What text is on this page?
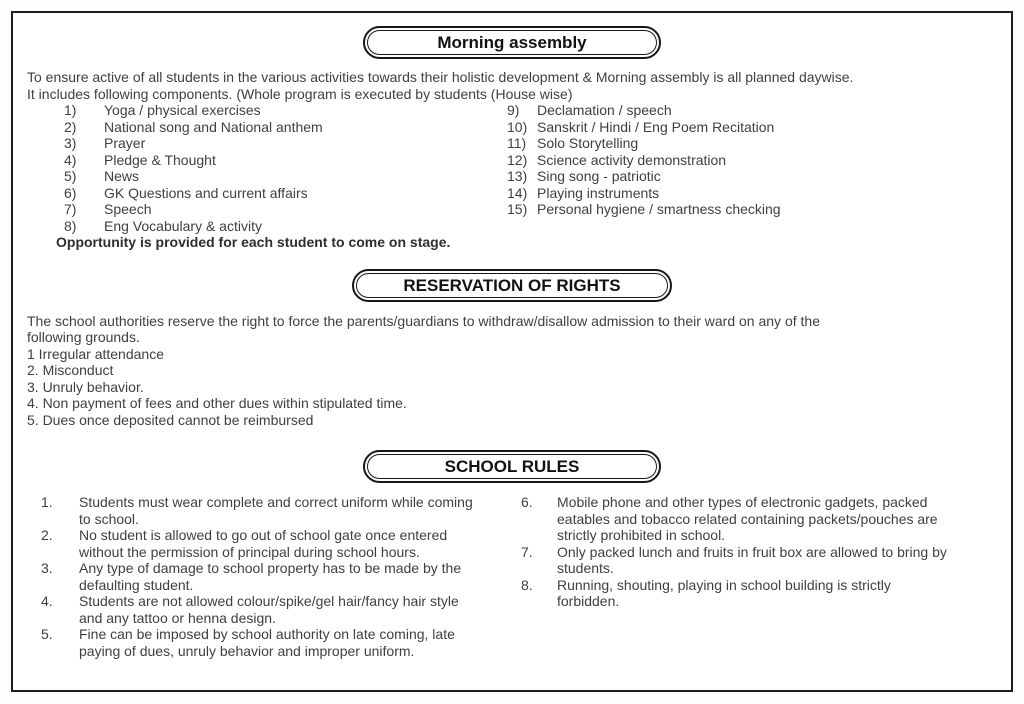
Morning assembly

To ensure active of all students in the various activities towards their holistic development & Morning assembly is all planned daywise.
It includes following components. (Whole program is executed by students (House wise)

1)	Yoga / physical exercises
2)	National song and National anthem
3)	Prayer
4)	Pledge & Thought
5)	News
6)	GK Questions and current affairs
7)	Speech
8)	Eng Vocabulary & activity
9)	Declamation / speech
10) Sanskrit / Hindi / Eng Poem Recitation
11) Solo Storytelling
12) Science activity demonstration
13) Sing song - patriotic
14) Playing instruments
15) Personal hygiene / smartness checking

Opportunity is provided for each student to come on stage.

RESERVATION OF RIGHTS

The school authorities reserve the right to force the parents/guardians to withdraw/disallow admission to their ward on any of the
following grounds.

1 Irregular attendance
2. Misconduct
3. Unruly behavior.
4. Non payment of fees and other dues within stipulated time.
5. Dues once deposited cannot be reimbursed
SCHOOL RULES
1.	Students must wear complete and correct uniform while coming to school.
2.	No student is allowed to go out of school gate once entered without the permission of principal during school hours.
3.	Any type of damage to school property has to be made by the defaulting student.
4.	Students are not allowed colour/spike/gel hair/fancy hair style and any tattoo or henna design.
5.	Fine can be imposed by school authority on late coming, late paying of dues, unruly behavior and improper uniform.
6.	Mobile phone and other types of electronic gadgets, packed eatables and tobacco related containing packets/pouches are strictly prohibited in school.
7.	Only packed lunch and fruits in fruit box are allowed to bring by students.
8.	Running, shouting, playing in school building is strictly forbidden.
